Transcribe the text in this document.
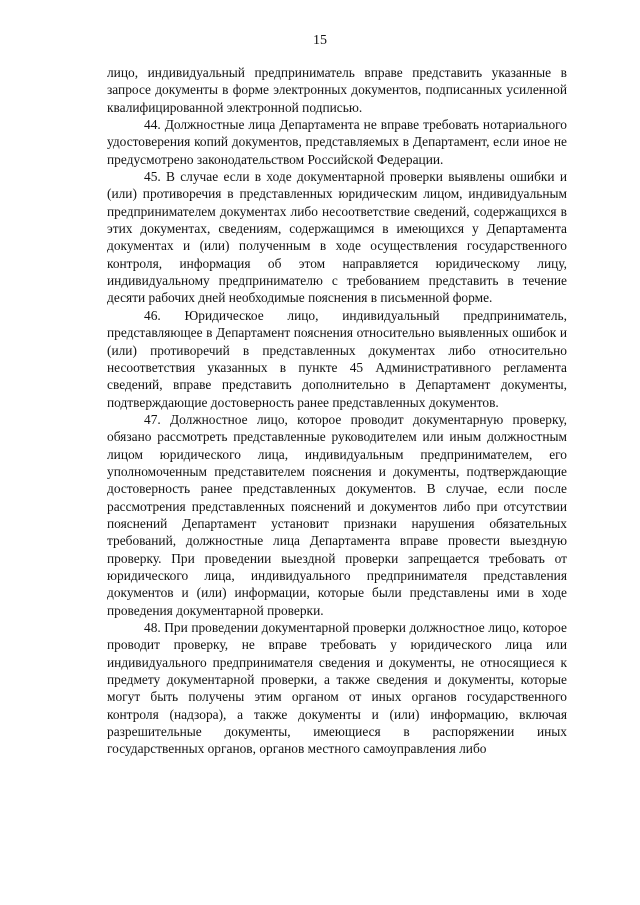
15

лицо, индивидуальный предприниматель вправе представить указанные в запросе документы в форме электронных документов, подписанных усиленной квалифицированной электронной подписью.

44. Должностные лица Департамента не вправе требовать нотариального удостоверения копий документов, представляемых в Департамент, если иное не предусмотрено законодательством Российской Федерации.

45. В случае если в ходе документарной проверки выявлены ошибки и (или) противоречия в представленных юридическим лицом, индивидуальным предпринимателем документах либо несоответствие сведений, содержащихся в этих документах, сведениям, содержащимся в имеющихся у Департамента документах и (или) полученным в ходе осуществления государственного контроля, информация об этом направляется юридическому лицу, индивидуальному предпринимателю с требованием представить в течение десяти рабочих дней необходимые пояснения в письменной форме.

46. Юридическое лицо, индивидуальный предприниматель, представляющее в Департамент пояснения относительно выявленных ошибок и (или) противоречий в представленных документах либо относительно несоответствия указанных в пункте 45 Административного регламента сведений, вправе представить дополнительно в Департамент документы, подтверждающие достоверность ранее представленных документов.

47. Должностное лицо, которое проводит документарную проверку, обязано рассмотреть представленные руководителем или иным должностным лицом юридического лица, индивидуальным предпринимателем, его уполномоченным представителем пояснения и документы, подтверждающие достоверность ранее представленных документов. В случае, если после рассмотрения представленных пояснений и документов либо при отсутствии пояснений Департамент установит признаки нарушения обязательных требований, должностные лица Департамента вправе провести выездную проверку. При проведении выездной проверки запрещается требовать от юридического лица, индивидуального предпринимателя представления документов и (или) информации, которые были представлены ими в ходе проведения документарной проверки.

48. При проведении документарной проверки должностное лицо, которое проводит проверку, не вправе требовать у юридического лица или индивидуального предпринимателя сведения и документы, не относящиеся к предмету документарной проверки, а также сведения и документы, которые могут быть получены этим органом от иных органов государственного контроля (надзора), а также документы и (или) информацию, включая разрешительные документы, имеющиеся в распоряжении иных государственных органов, органов местного самоуправления либо
